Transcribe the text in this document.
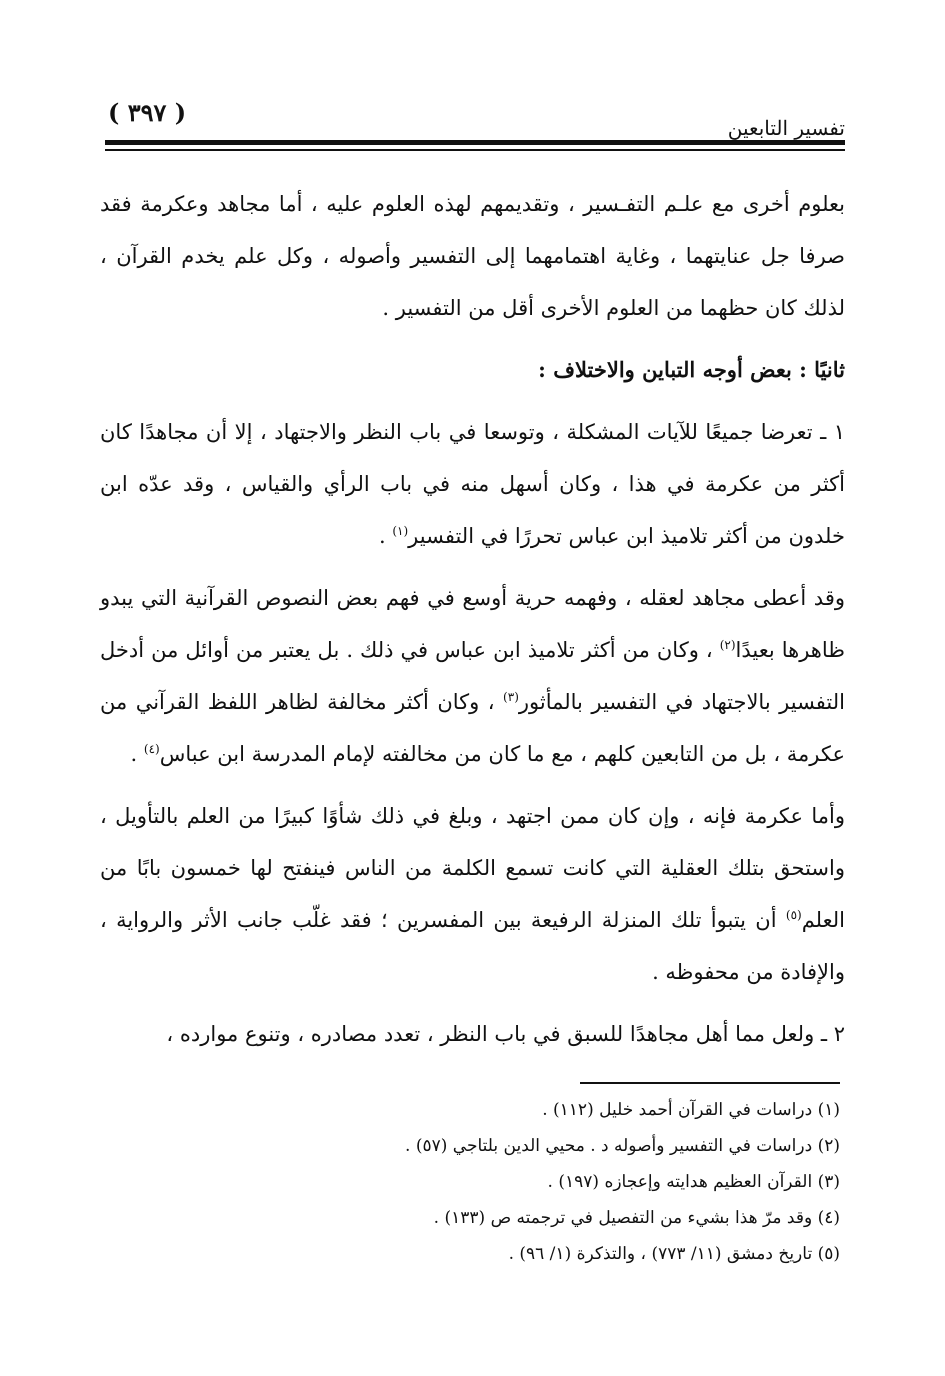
( ٣٩٧ )
تفسير التابعين

بعلوم أخرى مع علـم التفـسير ، وتقديمهم لهذه العلوم عليه ، أما مجاهد وعكرمة فقد صرفا جل عنايتهما ، وغاية اهتمامهما إلى التفسير وأصوله ، وكل علم يخدم القرآن ، لذلك كان حظهما من العلوم الأخرى أقل من التفسير .

ثانيًا : بعض أوجه التباين والاختلاف :

١ ـ تعرضا جميعًا للآيات المشكلة ، وتوسعا في باب النظر والاجتهاد ، إلا أن مجاهدًا كان أكثر من عكرمة في هذا ، وكان أسهل منه في باب الرأي والقياس ، وقد عدّه ابن خلدون من أكثر تلاميذ ابن عباس تحررًا في التفسير$^{(١)}$ .

وقد أعطى مجاهد لعقله ، وفهمه حرية أوسع في فهم بعض النصوص القرآنية التي يبدو ظاهرها بعيدًا$^{(٢)}$ ، وكان من أكثر تلاميذ ابن عباس في ذلك . بل يعتبر من أوائل من أدخل التفسير بالاجتهاد في التفسير بالمأثور$^{(٣)}$ ، وكان أكثر مخالفة لظاهر اللفظ القرآني من عكرمة ، بل من التابعين كلهم ، مع ما كان من مخالفته لإمام المدرسة ابن عباس$^{(٤)}$ .

وأما عكرمة فإنه ، وإن كان ممن اجتهد ، وبلغ في ذلك شأوًا كبيرًا من العلم بالتأويل ، واستحق بتلك العقلية التي كانت تسمع الكلمة من الناس فينفتح لها خمسون بابًا من العلم$^{(٥)}$ أن يتبوأ تلك المنزلة الرفيعة بين المفسرين ؛ فقد غلّب جانب الأثر والرواية ، والإفادة من محفوظه .

٢ ـ ولعل مما أهل مجاهدًا للسبق في باب النظر ، تعدد مصادره ، وتنوع موارده ،

(١) دراسات في القرآن أحمد خليل (١١٢) .
(٢) دراسات في التفسير وأصوله د . محيي الدين بلتاجي (٥٧) .
(٣) القرآن العظيم هدايته وإعجازه (١٩٧) .
(٤) وقد مرّ هذا بشيء من التفصيل في ترجمته ص (١٣٣) .
(٥) تاريخ دمشق (١١/ ٧٧٣) ، والتذكرة (١/ ٩٦) .
